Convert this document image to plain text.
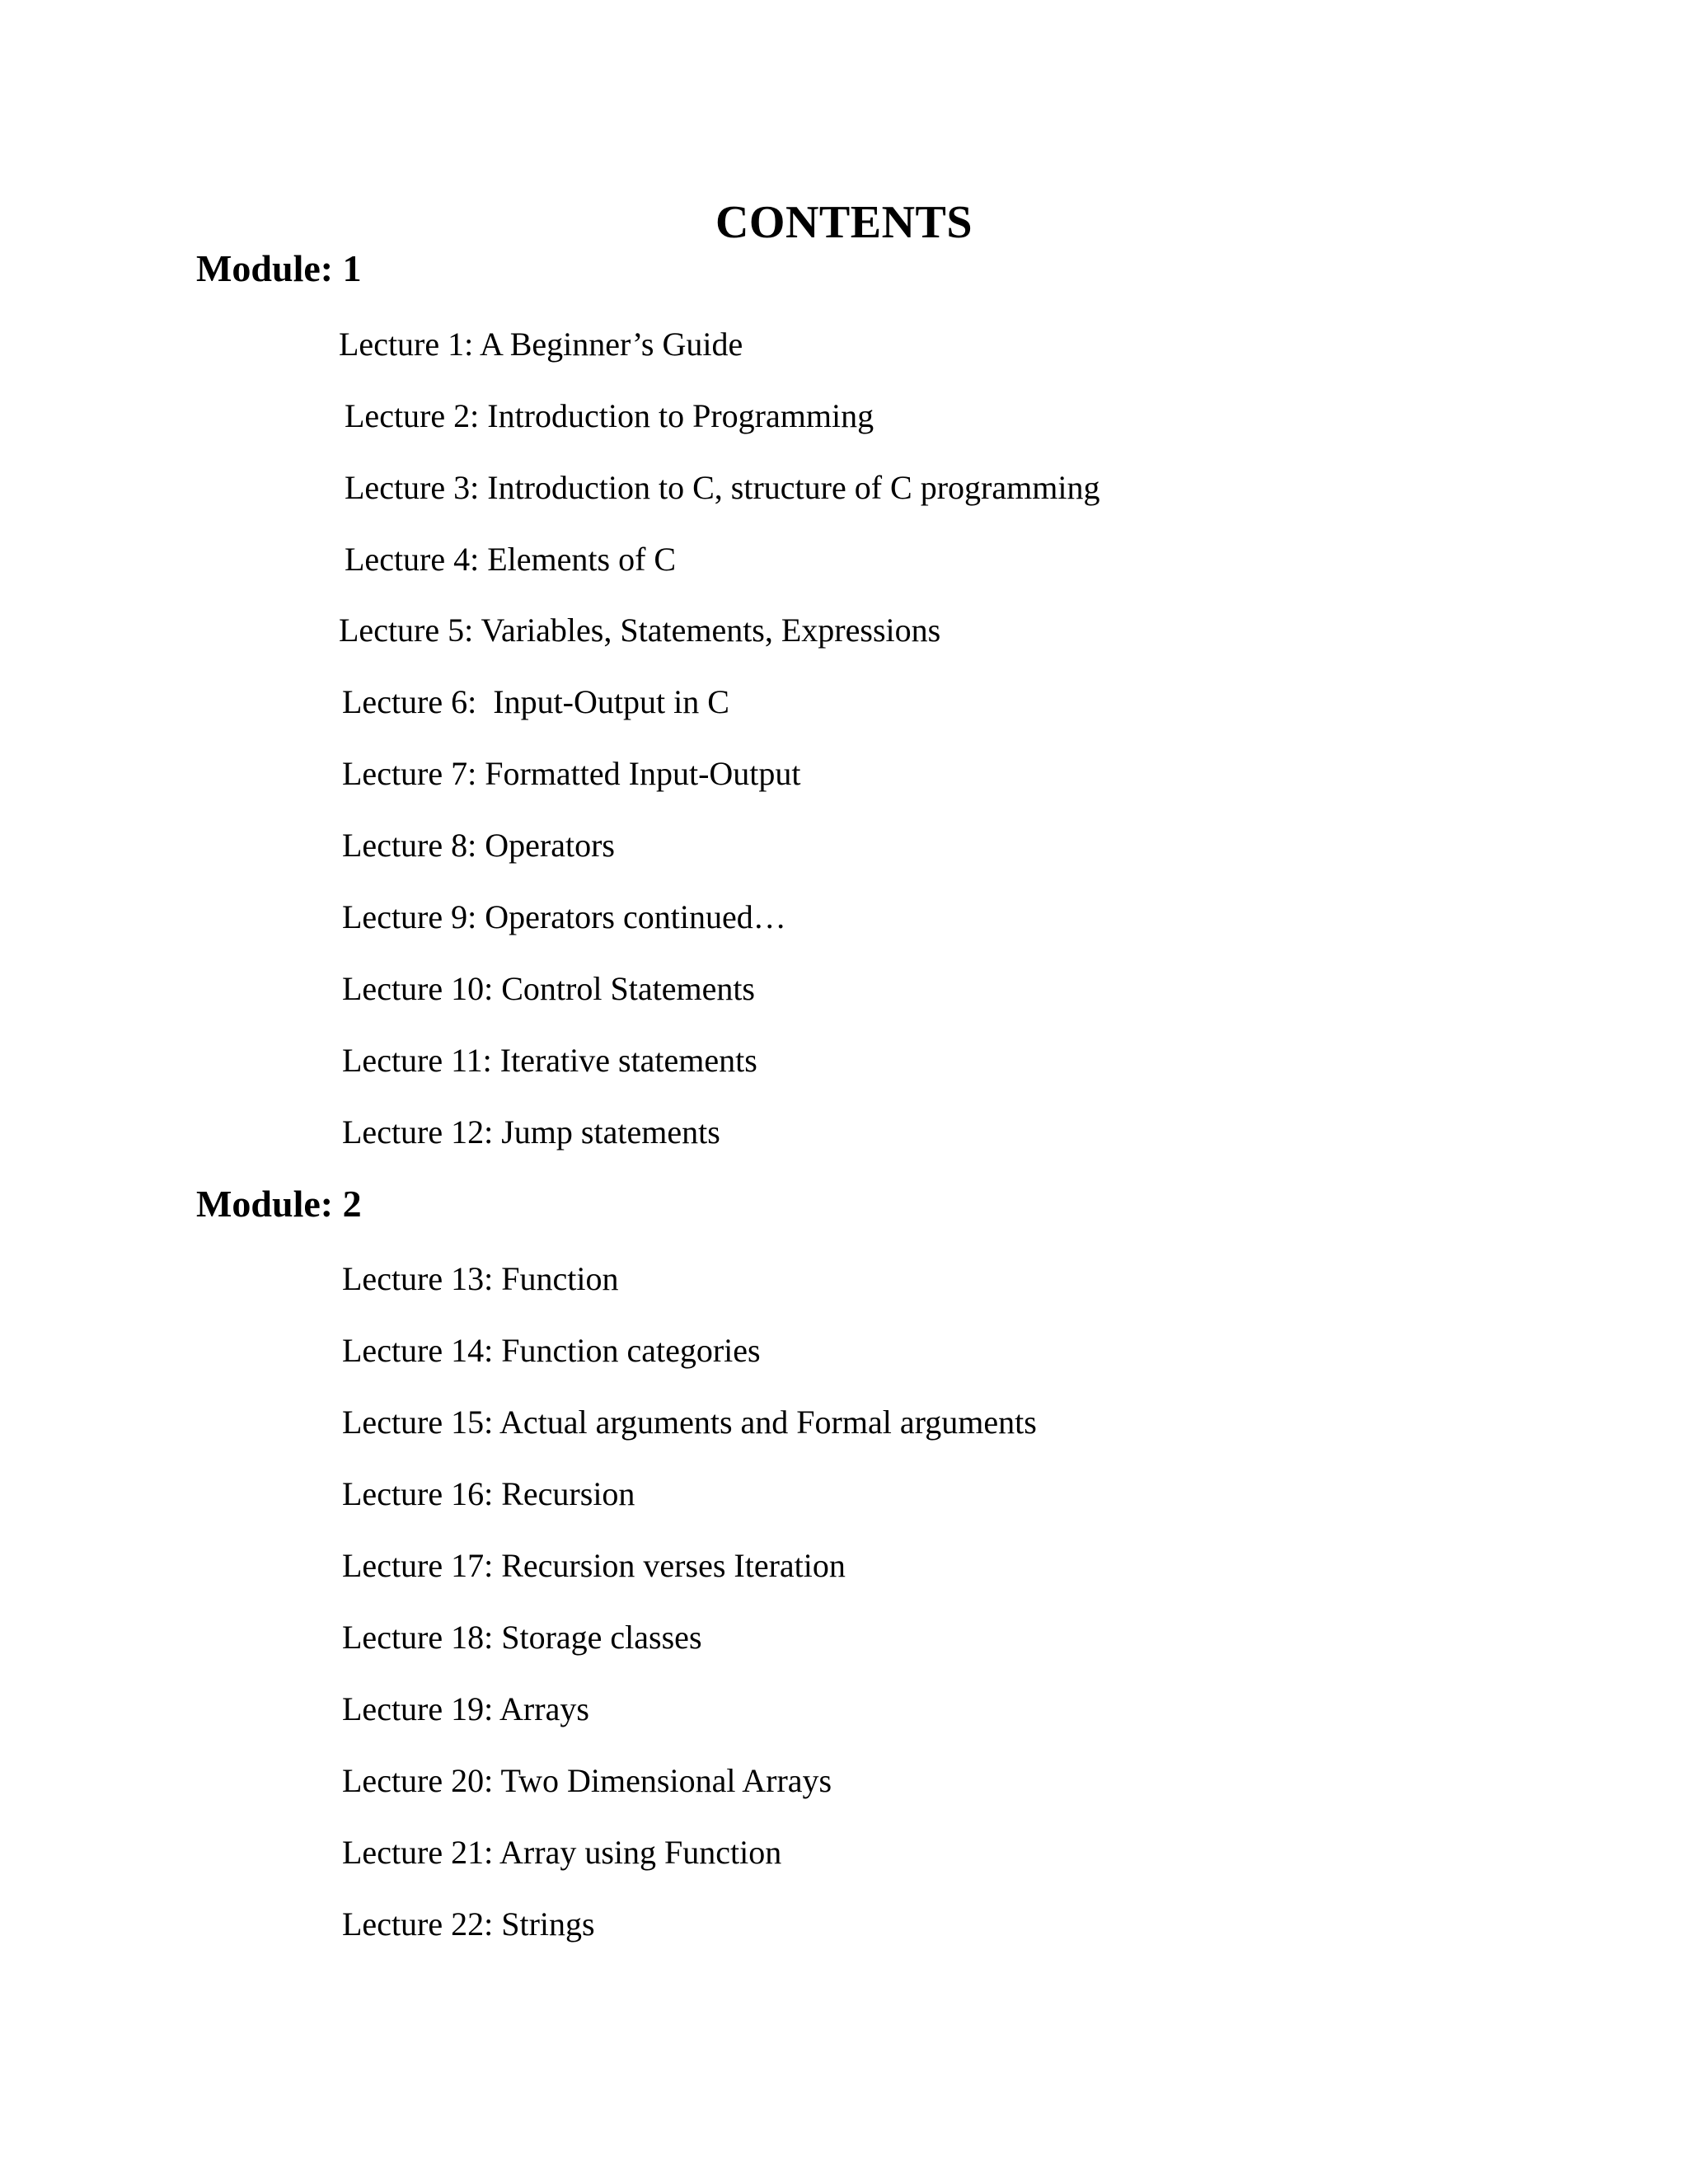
CONTENTS
Module: 1
Lecture 1: A Beginner’s Guide
Lecture 2: Introduction to Programming
Lecture 3: Introduction to C, structure of C programming
Lecture 4: Elements of C
Lecture 5: Variables, Statements, Expressions
Lecture 6:  Input-Output in C
Lecture 7: Formatted Input-Output
Lecture 8: Operators
Lecture 9: Operators continued…
Lecture 10: Control Statements
Lecture 11: Iterative statements
Lecture 12: Jump statements
Module: 2
Lecture 13: Function
Lecture 14: Function categories
Lecture 15: Actual arguments and Formal arguments
Lecture 16: Recursion
Lecture 17: Recursion verses Iteration
Lecture 18: Storage classes
Lecture 19: Arrays
Lecture 20: Two Dimensional Arrays
Lecture 21: Array using Function
Lecture 22: Strings
